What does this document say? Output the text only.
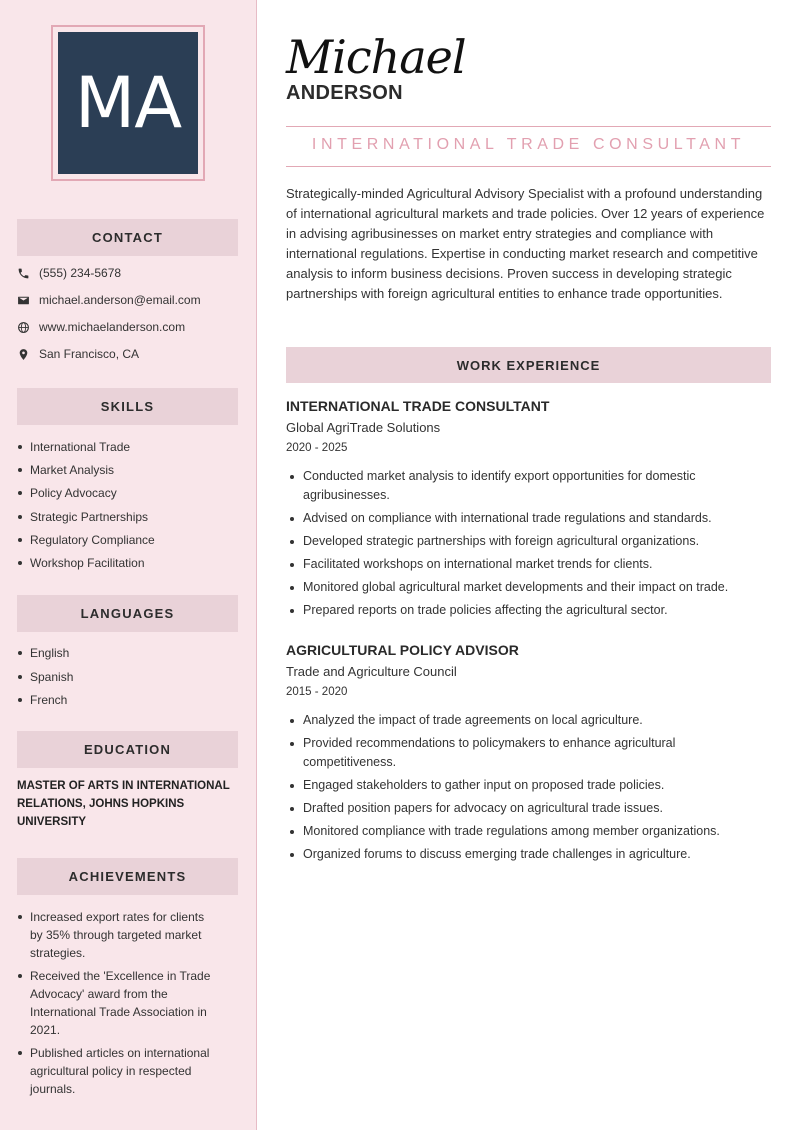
MA
CONTACT
(555) 234-5678
michael.anderson@email.com
www.michaelanderson.com
San Francisco, CA
SKILLS
International Trade
Market Analysis
Policy Advocacy
Strategic Partnerships
Regulatory Compliance
Workshop Facilitation
LANGUAGES
English
Spanish
French
EDUCATION
MASTER OF ARTS IN INTERNATIONAL RELATIONS, JOHNS HOPKINS UNIVERSITY
ACHIEVEMENTS
Increased export rates for clients by 35% through targeted market strategies.
Received the 'Excellence in Trade Advocacy' award from the International Trade Association in 2021.
Published articles on international agricultural policy in respected journals.
Michael
ANDERSON
INTERNATIONAL TRADE CONSULTANT
Strategically-minded Agricultural Advisory Specialist with a profound understanding of international agricultural markets and trade policies. Over 12 years of experience in advising agribusinesses on market entry strategies and compliance with international regulations. Expertise in conducting market research and competitive analysis to inform business decisions. Proven success in developing strategic partnerships with foreign agricultural entities to enhance trade opportunities.
WORK EXPERIENCE
INTERNATIONAL TRADE CONSULTANT
Global AgriTrade Solutions
2020 - 2025
Conducted market analysis to identify export opportunities for domestic agribusinesses.
Advised on compliance with international trade regulations and standards.
Developed strategic partnerships with foreign agricultural organizations.
Facilitated workshops on international market trends for clients.
Monitored global agricultural market developments and their impact on trade.
Prepared reports on trade policies affecting the agricultural sector.
AGRICULTURAL POLICY ADVISOR
Trade and Agriculture Council
2015 - 2020
Analyzed the impact of trade agreements on local agriculture.
Provided recommendations to policymakers to enhance agricultural competitiveness.
Engaged stakeholders to gather input on proposed trade policies.
Drafted position papers for advocacy on agricultural trade issues.
Monitored compliance with trade regulations among member organizations.
Organized forums to discuss emerging trade challenges in agriculture.
